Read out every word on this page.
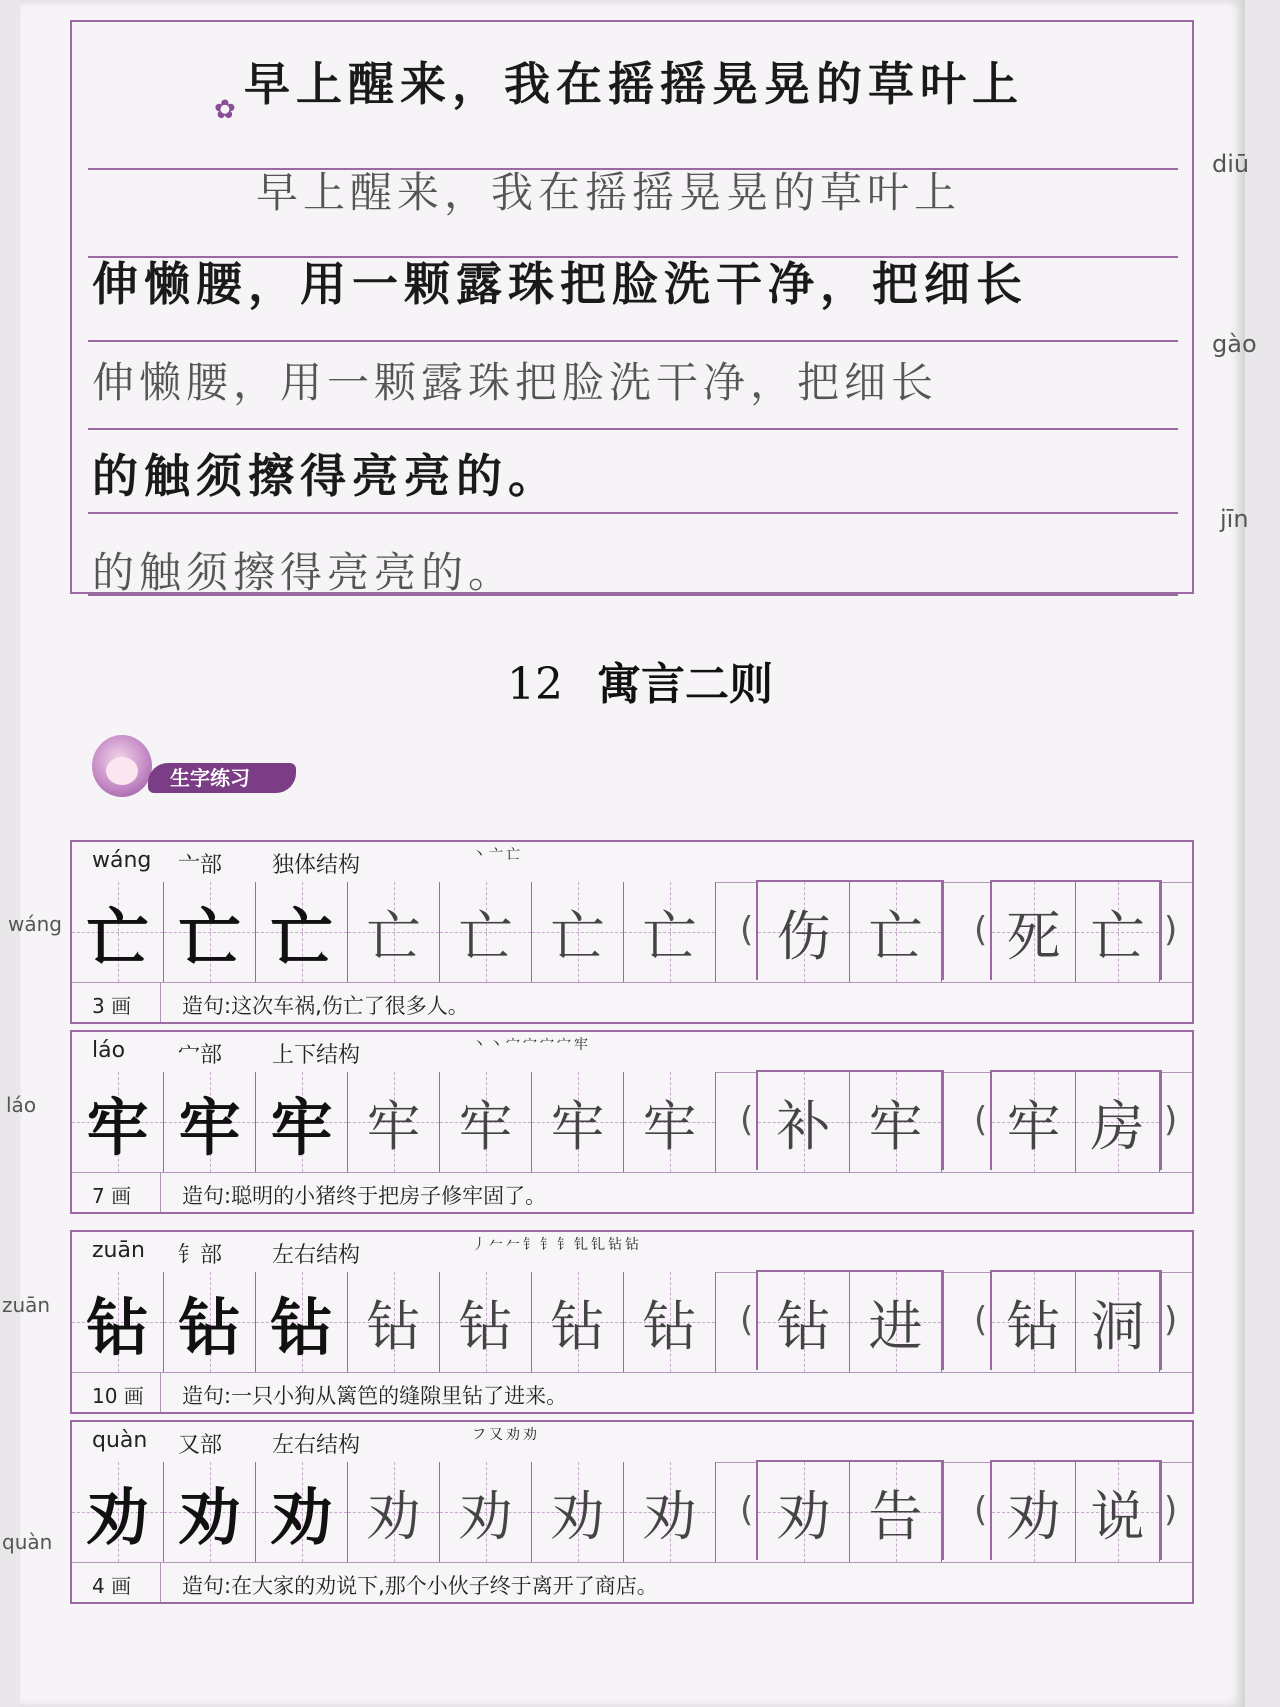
diū
gào
jīn
wáng
láo
zuān
quàn
✿ 早上醒来，我在摇摇晃晃的草叶上
早上醒来，我在摇摇晃晃的草叶上
伸懒腰，用一颗露珠把脸洗干净，把细长
伸懒腰，用一颗露珠把脸洗干净，把细长
的触须擦得亮亮的。
的触须擦得亮亮的。
12 寓言二则
生字练习
wáng 亠部 独体结构	丶亠亡
亡 亡 亡 亡 亡 亡 亡 ( 伤 亡 ( 死 亡 )
3 画 造句:这次车祸,伤亡了很多人。
láo 宀部 上下结构	丶丶宀宀宀宀牢
牢 牢 牢 牢 牢 牢 牢 ( 补 牢 ( 牢 房 )
7 画 造句:聪明的小猪终于把房子修牢固了。
zuān 钅部 左右结构	丿𠂉𠂉钅钅钅钆钆钻钻
钻 钻 钻 钻 钻 钻 钻 ( 钻 进 ( 钻 洞 )
10 画 造句:一只小狗从篱笆的缝隙里钻了进来。
quàn 又部 左右结构	フ又劝劝
劝 劝 劝 劝 劝 劝 劝 ( 劝 告 ( 劝 说 )
4 画 造句:在大家的劝说下,那个小伙子终于离开了商店。
